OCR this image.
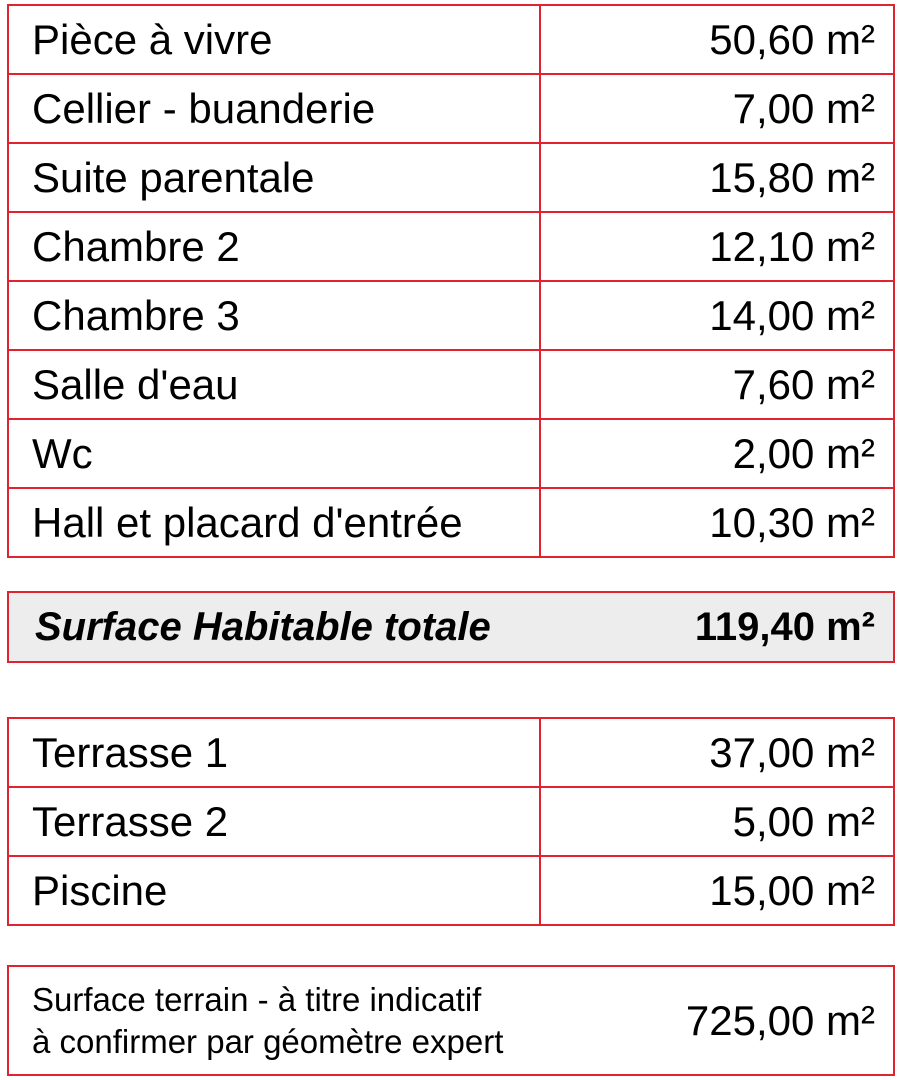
Pièce à vivre	50,60 m²
Cellier - buanderie	7,00 m²
Suite parentale	15,80 m²
Chambre 2	12,10 m²
Chambre 3	14,00 m²
Salle d'eau	7,60 m²
Wc	2,00 m²
Hall et placard d'entrée	10,30 m²
Surface Habitable totale	119,40 m²
Terrasse 1	37,00 m²
Terrasse 2	5,00 m²
Piscine	15,00 m²
Surface terrain - à titre indicatif
à confirmer par géomètre expert	725,00 m²
